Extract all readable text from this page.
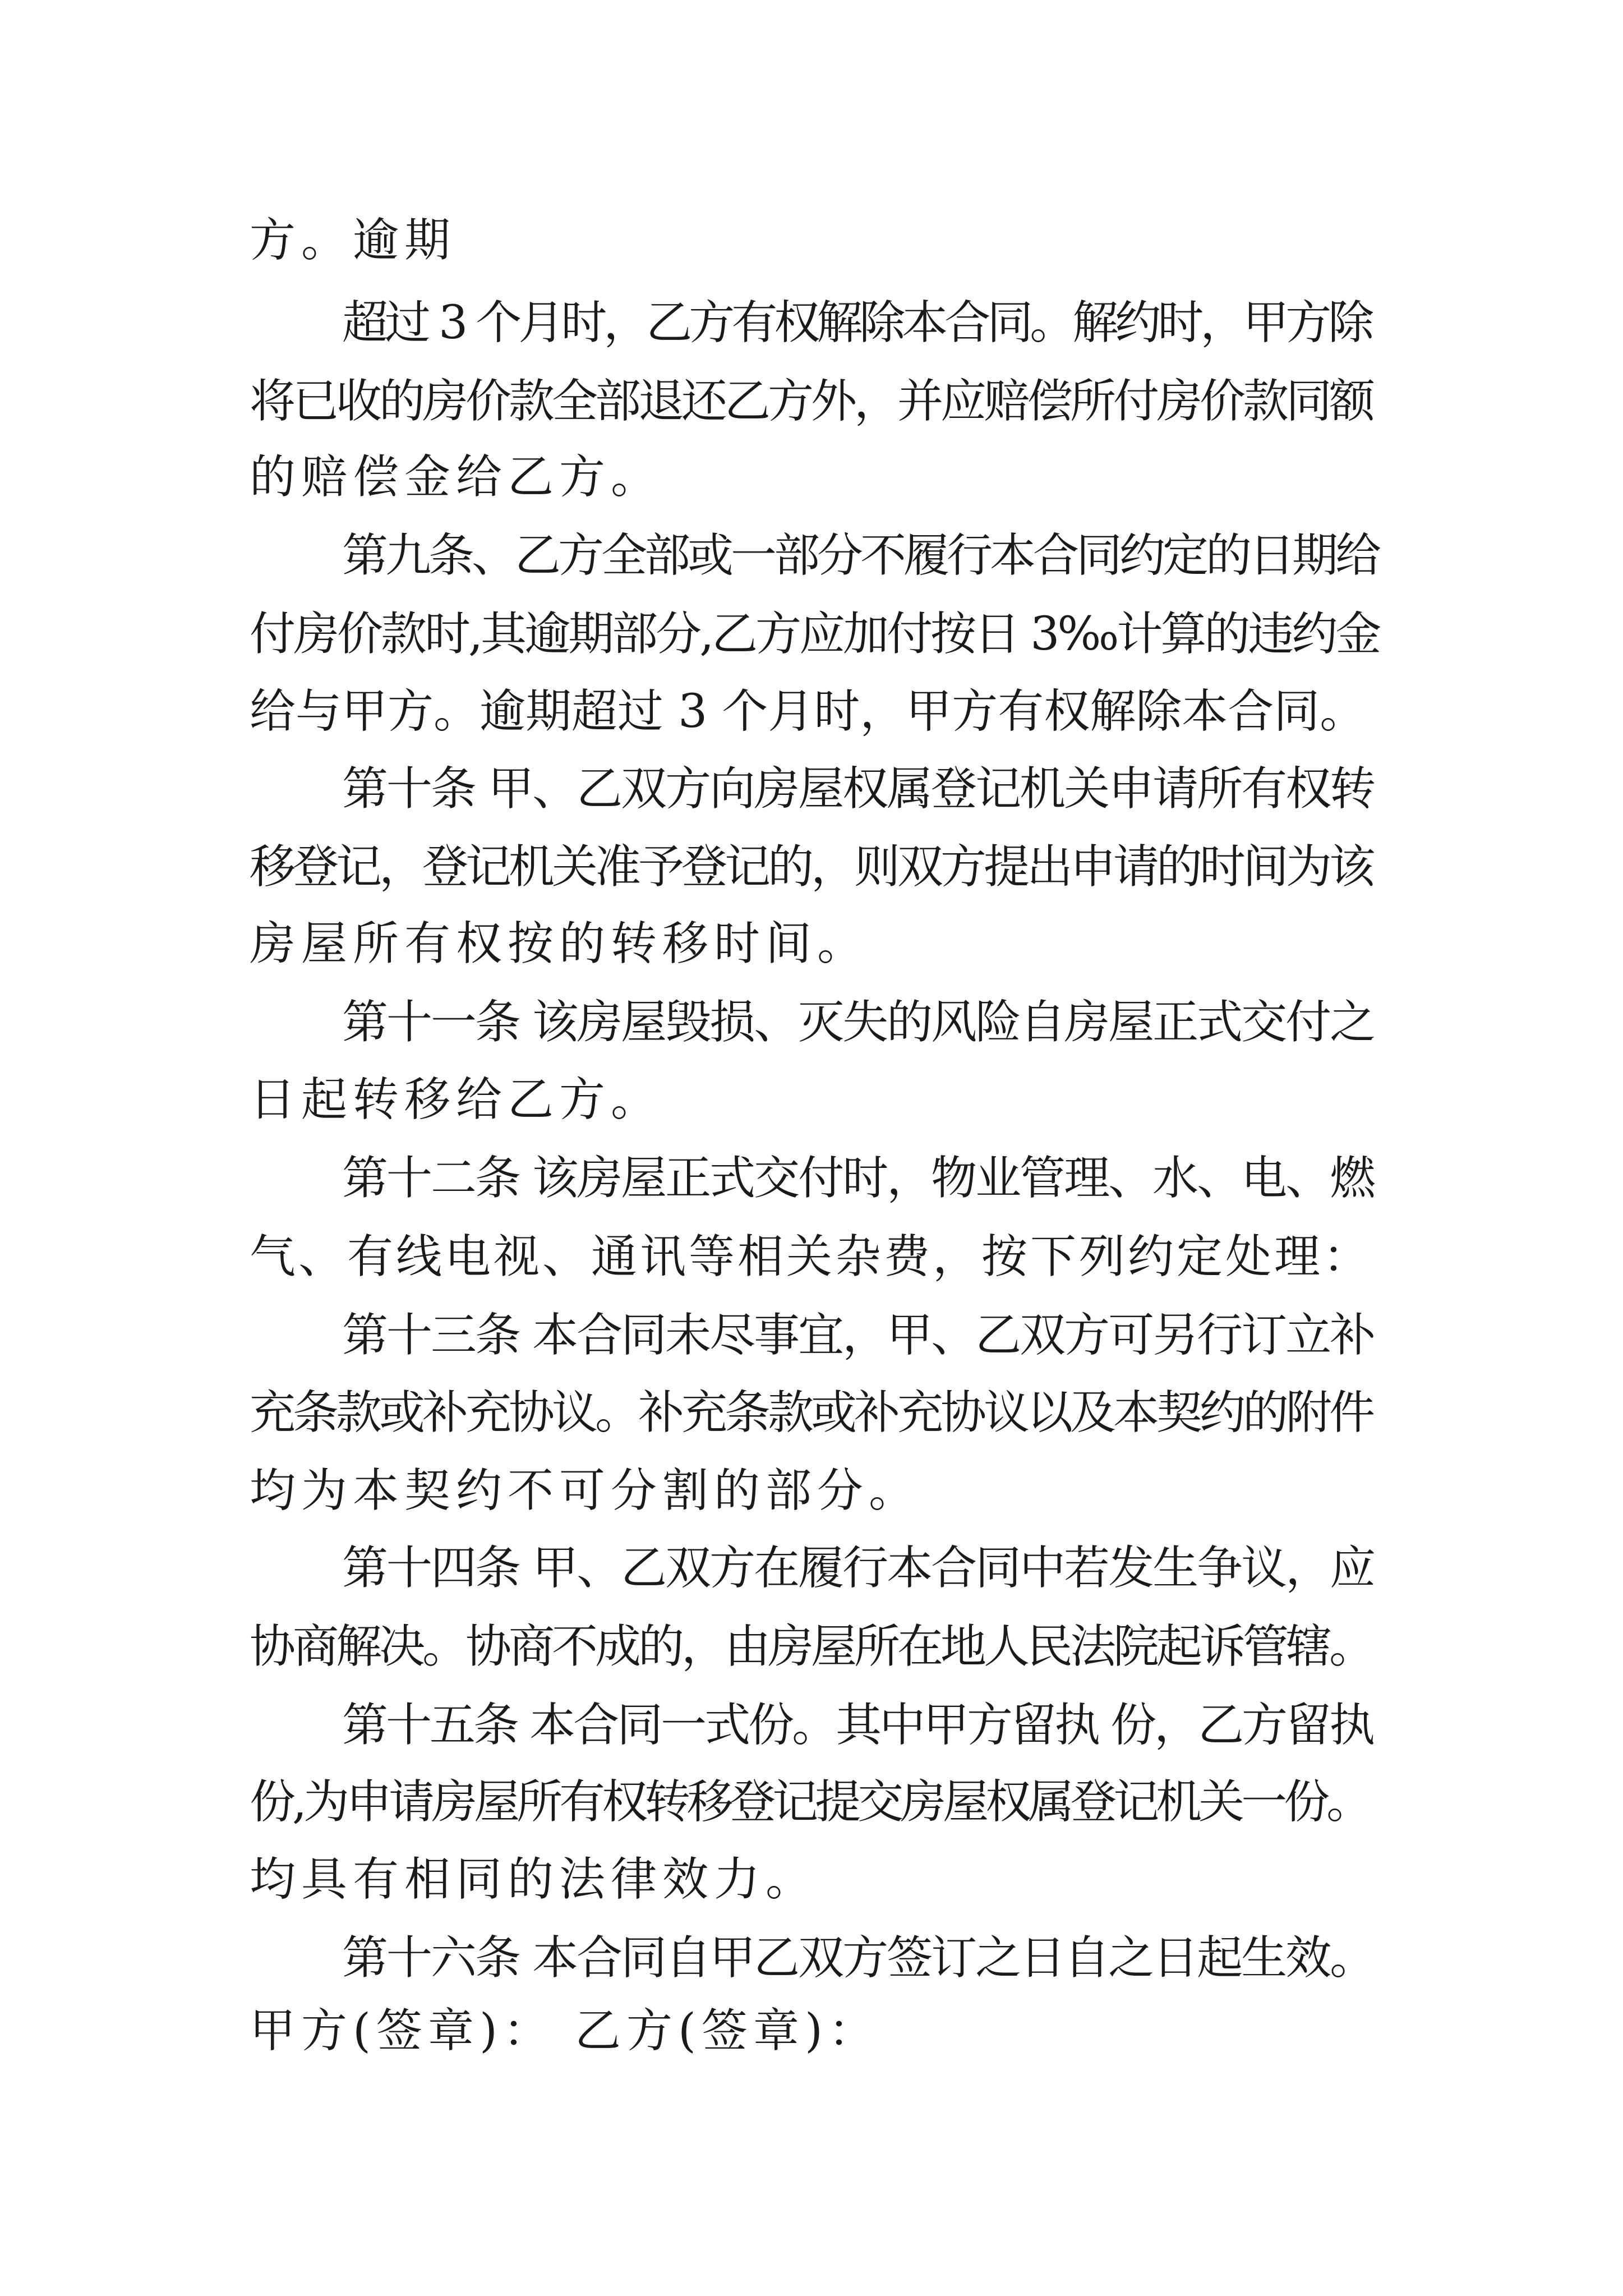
方。逾期
超过 3 个月时，乙方有权解除本合同。解约时，甲方除
将已收的房价款全部退还乙方外，并应赔偿所付房价款同额
的赔偿金给乙方。
第九条、乙方全部或一部分不履行本合同约定的日期给
付房价款时,其逾期部分,乙方应加付按日 3‰计算的违约金
给与甲方。逾期超过 3 个月时，甲方有权解除本合同。
第十条 甲、乙双方向房屋权属登记机关申请所有权转
移登记，登记机关准予登记的，则双方提出申请的时间为该
房屋所有权按的转移时间。
第十一条 该房屋毁损、灭失的风险自房屋正式交付之
日起转移给乙方。
第十二条 该房屋正式交付时，物业管理、水、电、燃
气、有线电视、通讯等相关杂费，按下列约定处理：
第十三条 本合同未尽事宜，甲、乙双方可另行订立补
充条款或补充协议。补充条款或补充协议以及本契约的附件
均为本契约不可分割的部分。
第十四条 甲、乙双方在履行本合同中若发生争议，应
协商解决。协商不成的，由房屋所在地人民法院起诉管辖。
第十五条 本合同一式份。其中甲方留执 份，乙方留执
份,为申请房屋所有权转移登记提交房屋权属登记机关一份。
均具有相同的法律效力。
第十六条 本合同自甲乙双方签订之日自之日起生效。
甲方(签章)： 乙方(签章)：
